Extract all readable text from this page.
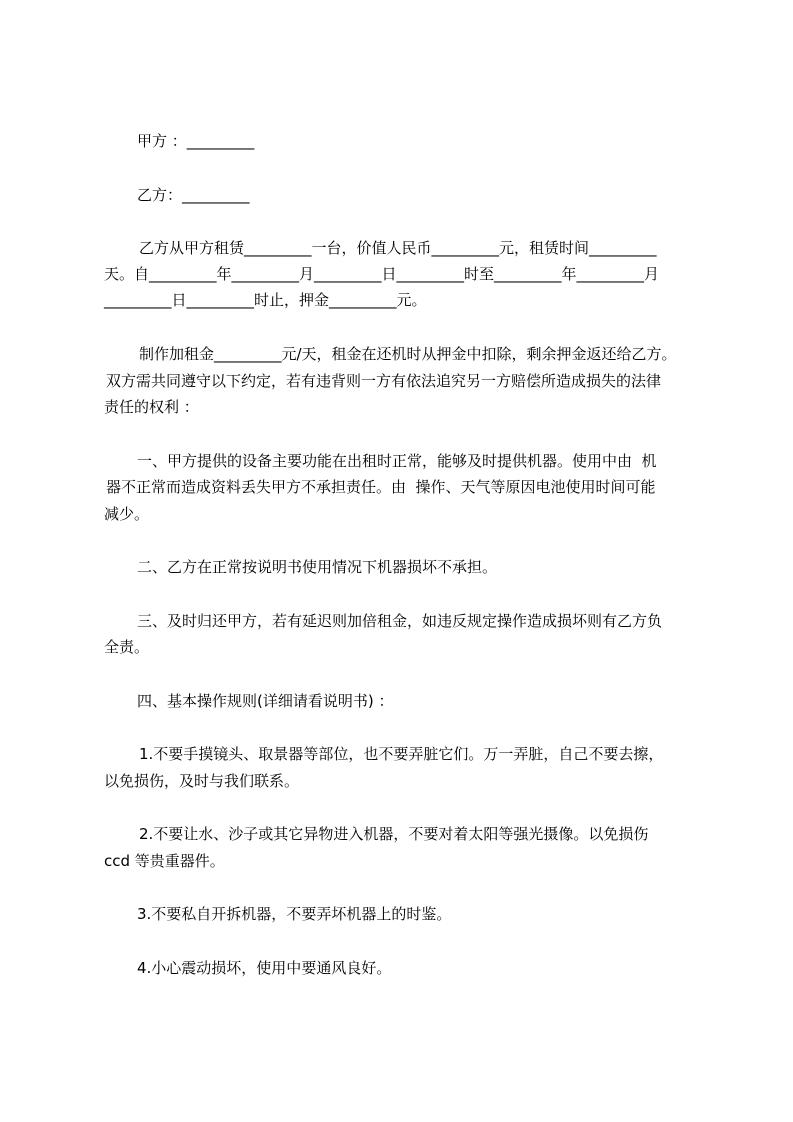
甲方 ：_________
乙方：_________
乙方从甲方租赁_________一台，价值人民币_________元，租赁时间_________
天。自_________年_________月_________日_________时至_________年_________月
_________日_________时止，押金_________元。
制作加租金_________元/天，租金在还机时从押金中扣除，剩余押金返还给乙方。
双方需共同遵守以下约定，若有违背则一方有依法追究另一方赔偿所造成损失的法律
责任的权利 ：
一、甲方提供的设备主要功能在出租时正常，能够及时提供机器。使用中由  机
器不正常而造成资料丢失甲方不承担责任。由  操作、天气等原因电池使用时间可能
减少。
二、乙方在正常按说明书使用情况下机器损坏不承担。
三、及时归还甲方，若有延迟则加倍租金，如违反规定操作造成损坏则有乙方负
全责。
四、基本操作规则(详细请看说明书) ：
1.不要手摸镜头、取景器等部位，也不要弄脏它们。万一弄脏，自己不要去擦，
以免损伤，及时与我们联系。
2.不要让水、沙子或其它异物进入机器，不要对着太阳等强光摄像。以免损伤
ccd 等贵重器件。
3.不要私自开拆机器，不要弄坏机器上的时鉴。
4.小心震动损坏，使用中要通风良好。
